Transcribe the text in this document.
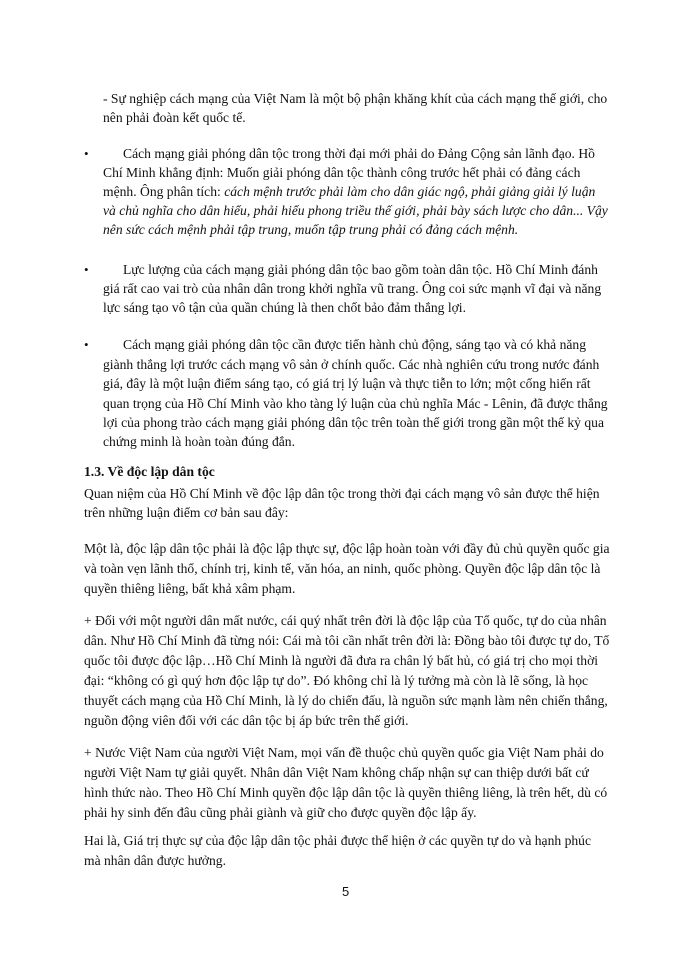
- Sự nghiệp cách mạng của Việt Nam là một bộ phận khăng khít của cách mạng thế giới, cho
nên phải đoàn kết quốc tế.
•	Cách mạng giải phóng dân tộc trong thời đại mới phải do Đảng Cộng sản lãnh đạo. Hồ
Chí Minh khẳng định: Muốn giải phóng dân tộc thành công trước hết phải có đảng cách
mệnh. Ông phân tích: cách mệnh trước phải làm cho dân giác ngộ, phải giảng giải lý luận
và chủ nghĩa cho dân hiểu, phải hiểu phong triều thế giới, phải bày sách lược cho dân... Vậy
nên sức cách mệnh phải tập trung, muốn tập trung phải có đảng cách mệnh.
•	Lực lượng của cách mạng giải phóng dân tộc bao gồm toàn dân tộc. Hồ Chí Minh đánh
giá rất cao vai trò của nhân dân trong khởi nghĩa vũ trang. Ông coi sức mạnh vĩ đại và năng
lực sáng tạo vô tận của quần chúng là then chốt bảo đảm thắng lợi.
•	Cách mạng giải phóng dân tộc cần được tiến hành chủ động, sáng tạo và có khả năng
giành thắng lợi trước cách mạng vô sản ở chính quốc. Các nhà nghiên cứu trong nước đánh
giá, đây là một luận điểm sáng tạo, có giá trị lý luận và thực tiễn to lớn; một cống hiến rất
quan trọng của Hồ Chí Minh vào kho tàng lý luận của chủ nghĩa Mác - Lênin, đã được thắng
lợi của phong trào cách mạng giải phóng dân tộc trên toàn thế giới trong gần một thế kỷ qua
chứng minh là hoàn toàn đúng đắn.
1.3. Về độc lập dân tộc
Quan niệm của Hồ Chí Minh về độc lập dân tộc trong thời đại cách mạng vô sản được thể hiện
trên những luận điểm cơ bản sau đây:
Một là, độc lập dân tộc phải là độc lập thực sự, độc lập hoàn toàn với đầy đủ chủ quyền quốc gia
và toàn vẹn lãnh thổ, chính trị, kinh tế, văn hóa, an ninh, quốc phòng. Quyền độc lập dân tộc là
quyền thiêng liêng, bất khả xâm phạm.
+ Đối với một người dân mất nước, cái quý nhất trên đời là độc lập của Tổ quốc, tự do của nhân
dân. Như Hồ Chí Minh đã từng nói: Cái mà tôi cần nhất trên đời là: Đồng bào tôi được tự do, Tổ
quốc tôi được độc lập…Hồ Chí Minh là người đã đưa ra chân lý bất hủ, có giá trị cho mọi thời
đại: “không có gì quý hơn độc lập tự do”. Đó không chỉ là lý tưởng mà còn là lẽ sống, là học
thuyết cách mạng của Hồ Chí Minh, là lý do chiến đấu, là nguồn sức mạnh làm nên chiến thắng,
nguồn động viên đối với các dân tộc bị áp bức trên thế giới.
+ Nước Việt Nam của người Việt Nam, mọi vấn đề thuộc chủ quyền quốc gia Việt Nam phải do
người Việt Nam tự giải quyết. Nhân dân Việt Nam không chấp nhận sự can thiệp dưới bất cứ
hình thức nào. Theo Hồ Chí Minh quyền độc lập dân tộc là quyền thiêng liêng, là trên hết, dù có
phải hy sinh đến đâu cũng phải giành và giữ cho được quyền độc lập ấy.
Hai là, Giá trị thực sự của độc lập dân tộc phải được thể hiện ở các quyền tự do và hạnh phúc
mà nhân dân được hưởng.
5
